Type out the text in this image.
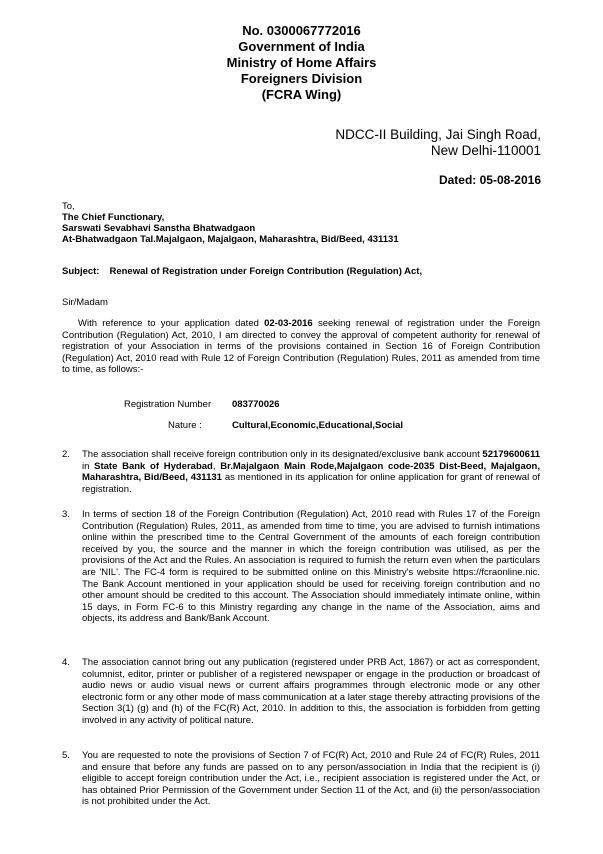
No. 0300067772016
Government of India
Ministry of Home Affairs
Foreigners Division
(FCRA Wing)
NDCC-II Building, Jai Singh Road,
New Delhi-110001
Dated: 05-08-2016
To,
The Chief Functionary,
Sarswati Sevabhavi Sanstha Bhatwadgaon
At-Bhatwadgaon Tal.Majalgaon, Majalgaon, Maharashtra, Bid/Beed, 431131
Subject: Renewal of Registration under Foreign Contribution (Regulation) Act,
Sir/Madam
With reference to your application dated 02-03-2016 seeking renewal of registration under the Foreign Contribution (Regulation) Act, 2010, I am directed to convey the approval of competent authority for renewal of registration of your Association in terms of the provisions contained in Section 16 of Foreign Contribution (Regulation) Act, 2010 read with Rule 12 of Foreign Contribution (Regulation) Rules, 2011 as amended from time to time, as follows:-
Registration Number 083770026
Nature :	Cultural,Economic,Educational,Social
2. The association shall receive foreign contribution only in its designated/exclusive bank account 52179600611 in State Bank of Hyderabad, Br.Majalgaon Main Rode,Majalgaon code-2035 Dist-Beed, Majalgaon, Maharashtra, Bid/Beed, 431131 as mentioned in its application for online application for grant of renewal of registration.
3. In terms of section 18 of the Foreign Contribution (Regulation) Act, 2010 read with Rules 17 of the Foreign Contribution (Regulation) Rules, 2011, as amended from time to time, you are advised to furnish intimations online within the prescribed time to the Central Government of the amounts of each foreign contribution received by you, the source and the manner in which the foreign contribution was utilised, as per the provisions of the Act and the Rules. An association is required to furnish the return even when the particulars are 'NIL'. The FC-4 form is required to be submitted online on this Ministry's website https://fcraonline.nic. The Bank Account mentioned in your application should be used for receiving foreign contribution and no other amount should be credited to this account. The Association should immediately intimate online, within 15 days, in Form FC-6 to this Ministry regarding any change in the name of the Association, aims and objects, its address and Bank/Bank Account.
4. The association cannot bring out any publication (registered under PRB Act, 1867) or act as correspondent, columnist, editor, printer or publisher of a registered newspaper or engage in the production or broadcast of audio news or audio visual news or current affairs programmes through electronic mode or any other electronic form or any other mode of mass communication at a later stage thereby attracting provisions of the Section 3(1) (g) and (h) of the FC(R) Act, 2010. In addition to this, the association is forbidden from getting involved in any activity of political nature.
5. You are requested to note the provisions of Section 7 of FC(R) Act, 2010 and Rule 24 of FC(R) Rules, 2011 and ensure that before any funds are passed on to any person/association in India that the recipient is (i) eligible to accept foreign contribution under the Act, i.e., recipient association is registered under the Act, or has obtained Prior Permission of the Government under Section 11 of the Act, and (ii) the person/association is not prohibited under the Act.
